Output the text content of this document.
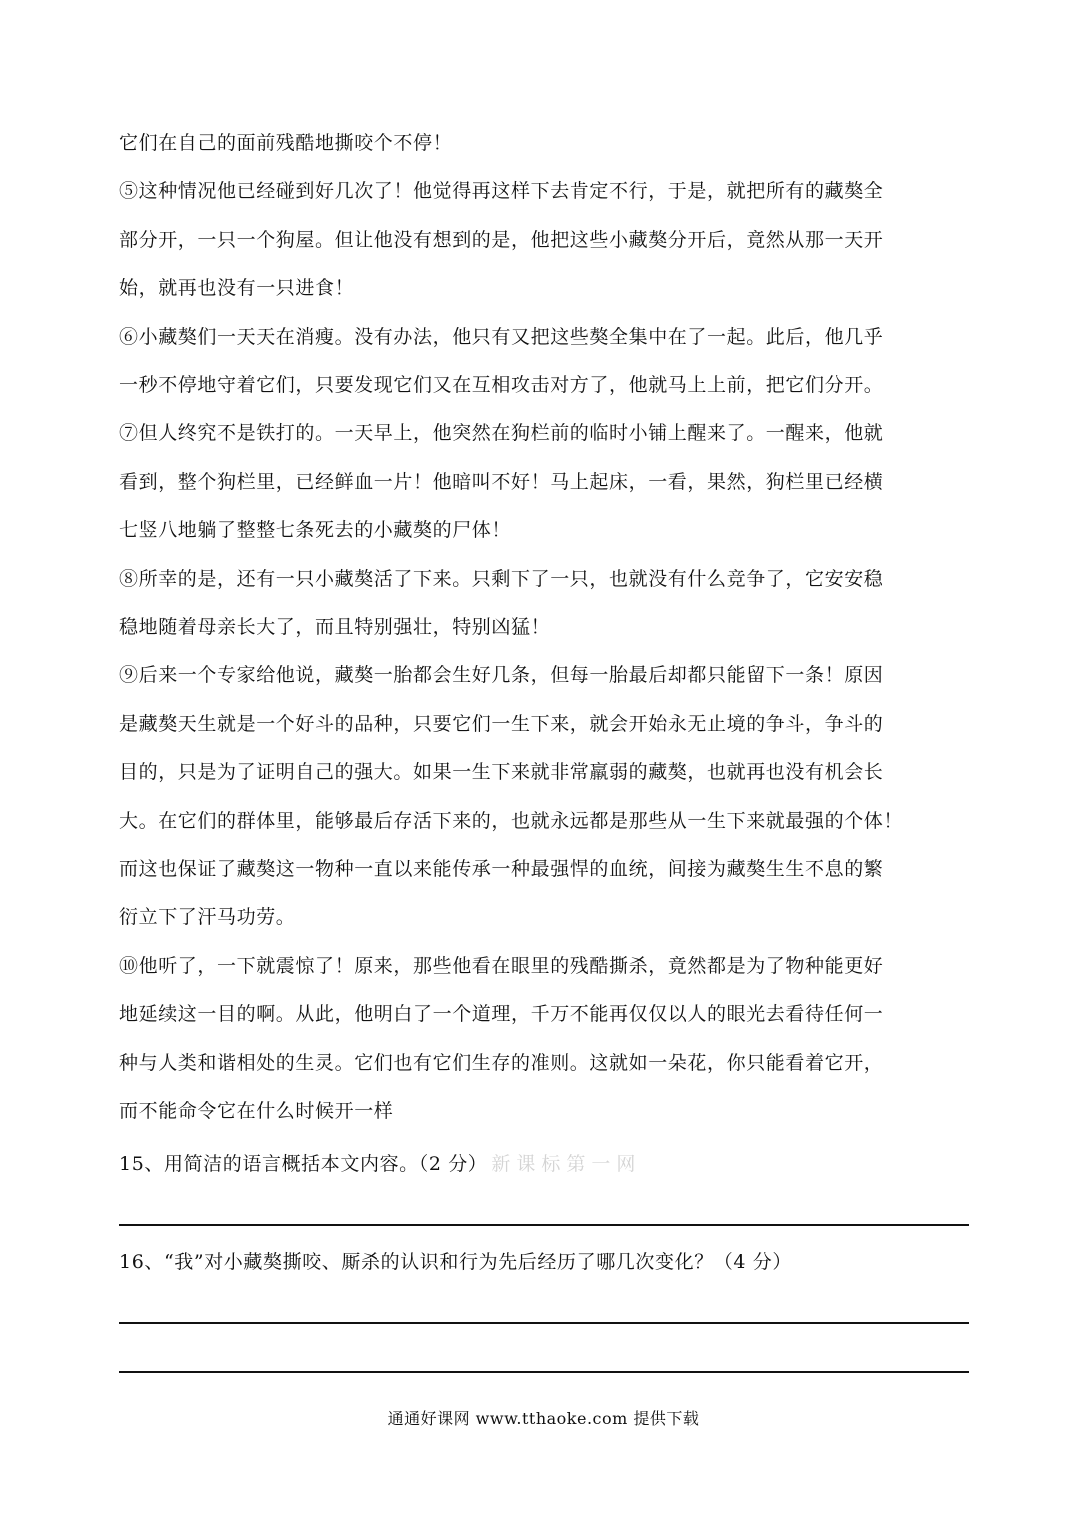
它们在自己的面前残酷地撕咬个不停！
⑤这种情况他已经碰到好几次了！他觉得再这样下去肯定不行，于是，就把所有的藏獒全
部分开，一只一个狗屋。但让他没有想到的是，他把这些小藏獒分开后，竟然从那一天开
始，就再也没有一只进食！
⑥小藏獒们一天天在消瘦。没有办法，他只有又把这些獒全集中在了一起。此后，他几乎
一秒不停地守着它们，只要发现它们又在互相攻击对方了，他就马上上前，把它们分开。
⑦但人终究不是铁打的。一天早上，他突然在狗栏前的临时小铺上醒来了。一醒来，他就
看到，整个狗栏里，已经鲜血一片！他暗叫不好！马上起床，一看，果然，狗栏里已经横
七竖八地躺了整整七条死去的小藏獒的尸体！
⑧所幸的是，还有一只小藏獒活了下来。只剩下了一只，也就没有什么竞争了，它安安稳
稳地随着母亲长大了，而且特别强壮，特别凶猛！
⑨后来一个专家给他说，藏獒一胎都会生好几条，但每一胎最后却都只能留下一条！原因
是藏獒天生就是一个好斗的品种，只要它们一生下来，就会开始永无止境的争斗，争斗的
目的，只是为了证明自己的强大。如果一生下来就非常羸弱的藏獒，也就再也没有机会长
大。在它们的群体里，能够最后存活下来的，也就永远都是那些从一生下来就最强的个体！
而这也保证了藏獒这一物种一直以来能传承一种最强悍的血统，间接为藏獒生生不息的繁
衍立下了汗马功劳。
⑩他听了，一下就震惊了！原来，那些他看在眼里的残酷撕杀，竟然都是为了物种能更好
地延续这一目的啊。从此，他明白了一个道理，千万不能再仅仅以人的眼光去看待任何一
种与人类和谐相处的生灵。它们也有它们生存的准则。这就如一朵花，你只能看着它开，
而不能命令它在什么时候开一样
15、用简洁的语言概括本文内容。（2 分） 新课标第一网
16、“我”对小藏獒撕咬、厮杀的认识和行为先后经历了哪几次变化？（4 分）
通通好课网 www.tthaoke.com 提供下载
